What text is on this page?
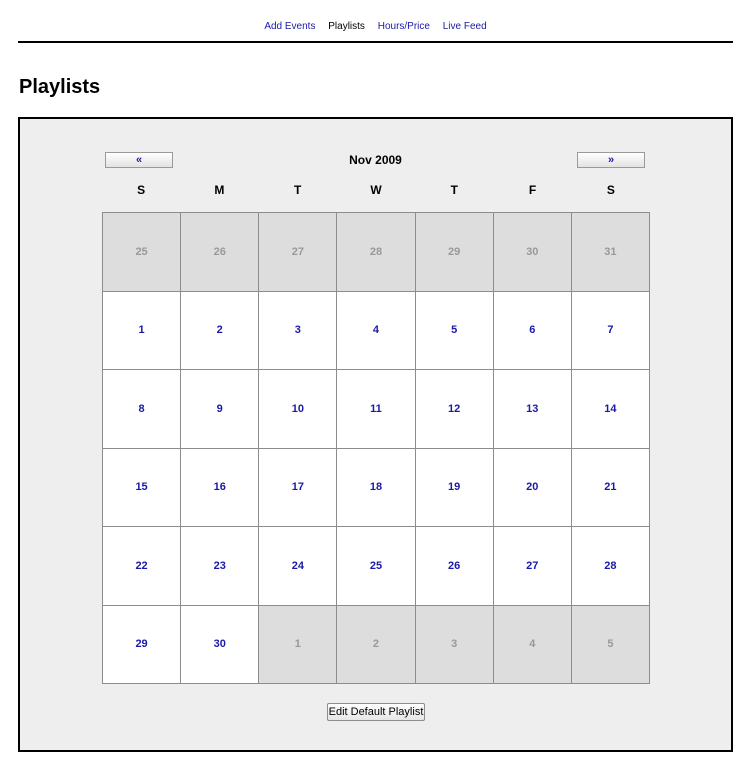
Add Events Playlists Hours/Price Live Feed
Playlists
«	Nov 2009	»
S	M	T	W	T	F	S
25	26	27	28	29	30	31
1	2	3	4	5	6	7
8	9	10	11	12	13	14
15	16	17	18	19	20	21
22	23	24	25	26	27	28
29	30	1	2	3	4	5
Edit Default Playlist
